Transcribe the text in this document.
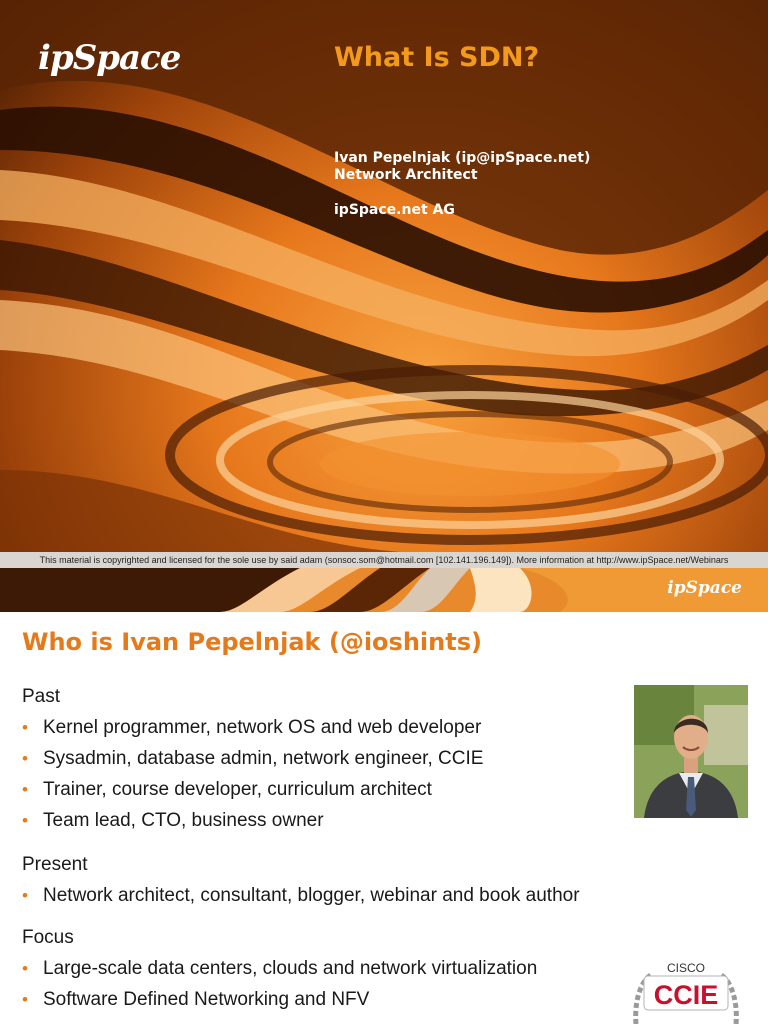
ipSpace	What Is SDN?
Ivan Pepelnjak (ip@ipSpace.net)
Network Architect
ipSpace.net AG
This material is copyrighted and licensed for the sole use by said adam (sonsoc.som@hotmail.com [102.141.196.149]). More information at http://www.ipSpace.net/Webinars
ipSpace
Who is Ivan Pepelnjak (@ioshints)
Past
• Kernel programmer, network OS and web developer
• Sysadmin, database admin, network engineer, CCIE
• Trainer, course developer, curriculum architect
• Team lead, CTO, business owner
Present
• Network architect, consultant, blogger, webinar and book author
Focus
• Large-scale data centers, clouds and network virtualization
• Software Defined Networking and NFV
CISCO
CCIE
